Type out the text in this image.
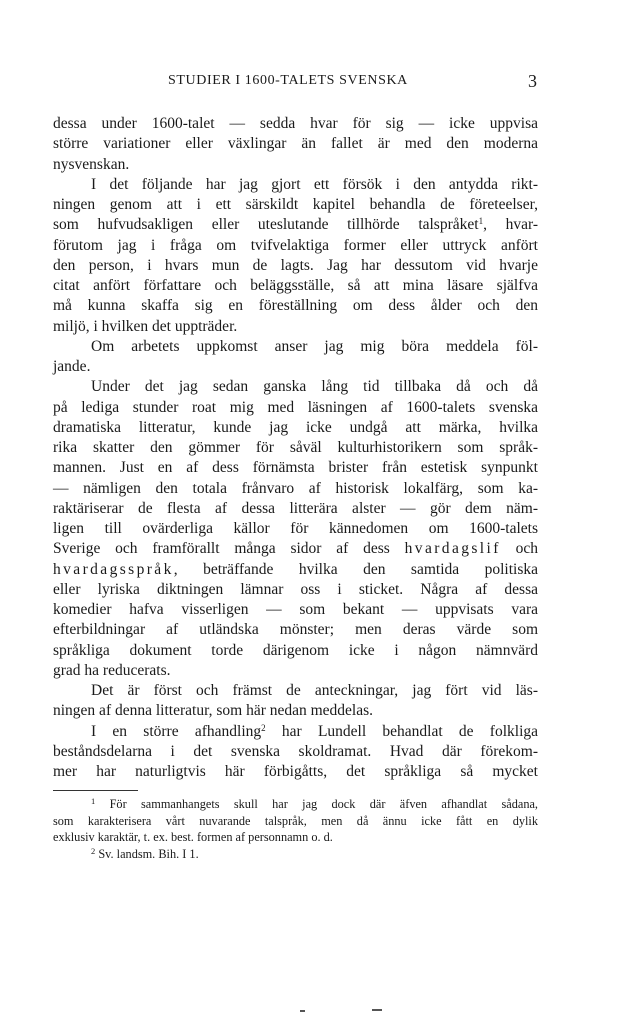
STUDIER I 1600-TALETS SVENSKA	3
dessa under 1600-talet — sedda hvar för sig — icke uppvisa
större variationer eller växlingar än fallet är med den moderna
nysvenskan.
I det följande har jag gjort ett försök i den antydda rikt-
ningen genom att i ett särskildt kapitel behandla de företeelser,
som hufvudsakligen eller uteslutande tillhörde talspråket$^1$, hvar-
förutom jag i fråga om tvifvelaktiga former eller uttryck anfört
den person, i hvars mun de lagts. Jag har dessutom vid hvarje
citat anfört författare och beläggsställe, så att mina läsare själfva
må kunna skaffa sig en föreställning om dess ålder och den
miljö, i hvilken det uppträder.
Om arbetets uppkomst anser jag mig böra meddela föl-
jande.
Under det jag sedan ganska lång tid tillbaka då och då
på lediga stunder roat mig med läsningen af 1600-talets svenska
dramatiska litteratur, kunde jag icke undgå att märka, hvilka
rika skatter den gömmer för såväl kulturhistorikern som språk-
mannen. Just en af dess förnämsta brister från estetisk synpunkt
— nämligen den totala frånvaro af historisk lokalfärg, som ka-
raktäriserar de flesta af dessa litterära alster — gör dem näm-
ligen till ovärderliga källor för kännedomen om 1600-talets
Sverige och framförallt många sidor af dess hvardagslif och
hvardagsspråk, beträffande hvilka den samtida politiska
eller lyriska diktningen lämnar oss i sticket. Några af dessa
komedier hafva visserligen — som bekant — uppvisats vara
efterbildningar af utländska mönster; men deras värde som
språkliga dokument torde därigenom icke i någon nämnvärd
grad ha reducerats.
Det är först och främst de anteckningar, jag fört vid läs-
ningen af denna litteratur, som här nedan meddelas.
I en större afhandling$^2$ har Lundell behandlat de folkliga
beståndsdelarna i det svenska skoldramat. Hvad där förekom-
mer har naturligtvis här förbigåtts, det språkliga så mycket
$^1$ För sammanhangets skull har jag dock där äfven afhandlat sådana,
som karakterisera vårt nuvarande talspråk, men då ännu icke fått en dylik
exklusiv karaktär, t. ex. best. formen af personnamn o. d.
$^2$ Sv. landsm. Bih. I 1.
